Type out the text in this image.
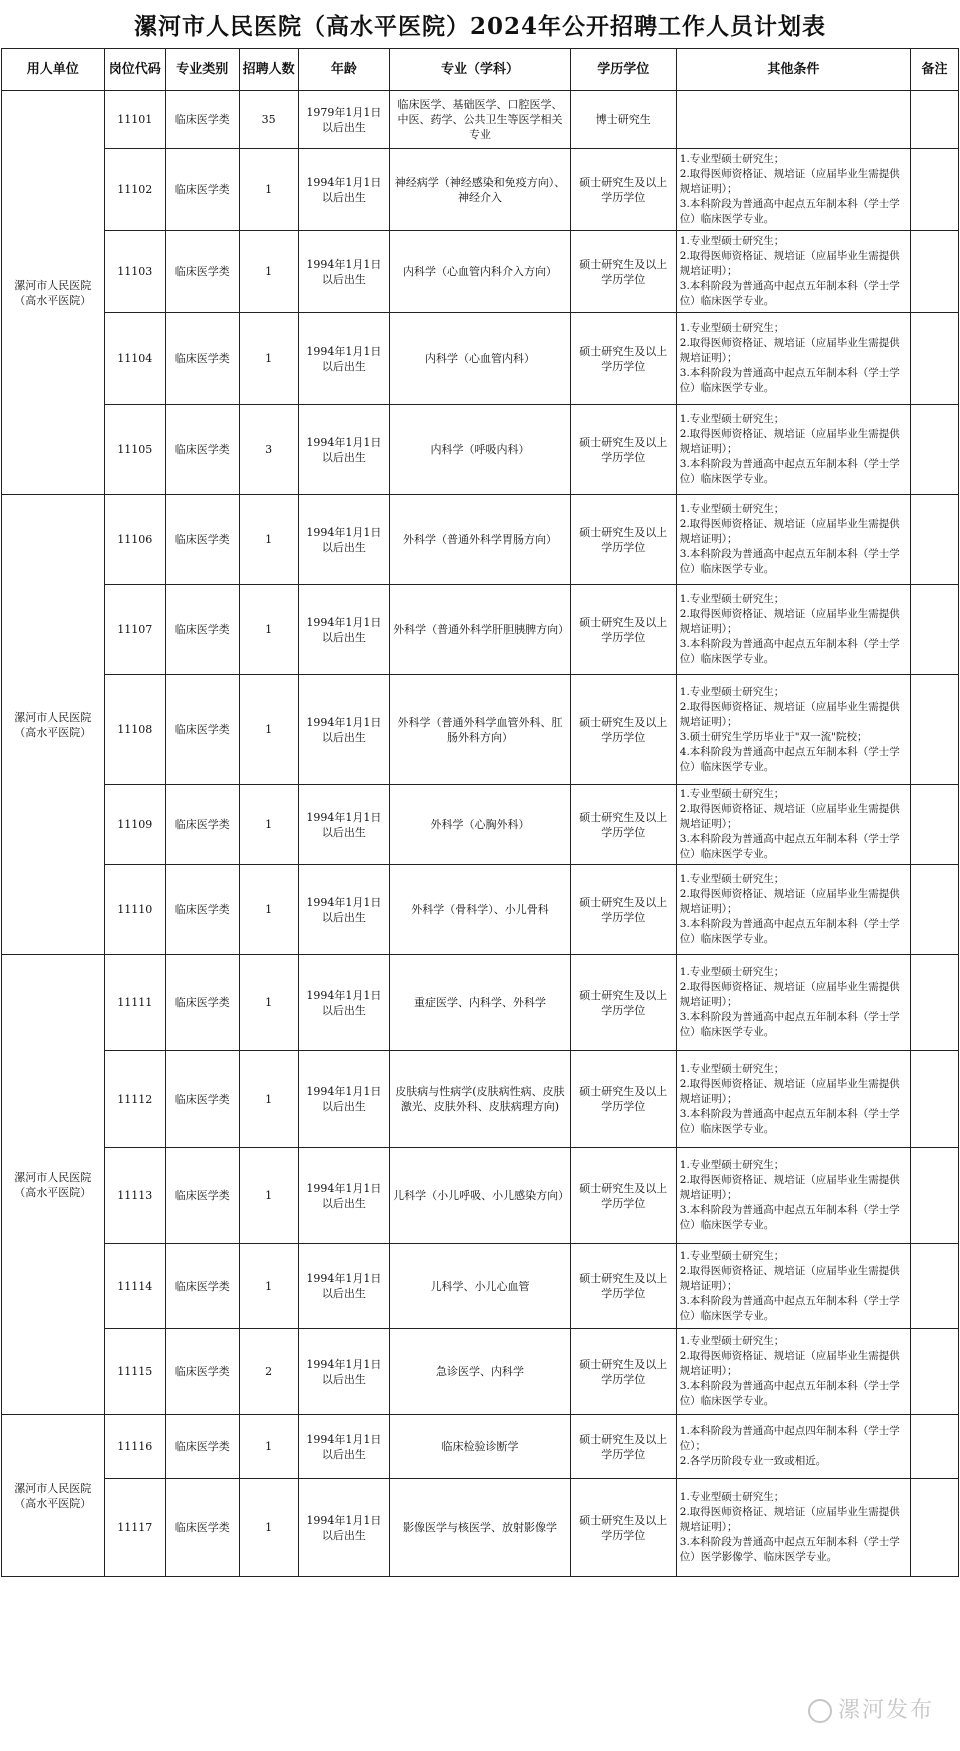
漯河市人民医院（高水平医院）2024年公开招聘工作人员计划表
用人单位	岗位代码	专业类别	招聘人数	年龄	专业（学科）	学历学位	其他条件	备注
漯河市人民医院（高水平医院）	11101	临床医学类	35	1979年1月1日以后出生	临床医学、基础医学、口腔医学、中医、药学、公共卫生等医学相关专业	博士研究生		
	11102	临床医学类	1	1994年1月1日以后出生	神经病学（神经感染和免疫方向）、神经介入	硕士研究生及以上学历学位	1.专业型硕士研究生；
2.取得医师资格证、规培证（应届毕业生需提供规培证明）；
3.本科阶段为普通高中起点五年制本科（学士学位）临床医学专业。	

	11103	临床医学类	1	1994年1月1日以后出生	内科学（心血管内科介入方向）	硕士研究生及以上学历学位	1.专业型硕士研究生；
2.取得医师资格证、规培证（应届毕业生需提供规培证明）；
3.本科阶段为普通高中起点五年制本科（学士学位）临床医学专业。	

	11104	临床医学类	1	1994年1月1日以后出生	内科学（心血管内科）	硕士研究生及以上学历学位	1.专业型硕士研究生；
2.取得医师资格证、规培证（应届毕业生需提供规培证明）；
3.本科阶段为普通高中起点五年制本科（学士学位）临床医学专业。	

	11105	临床医学类	3	1994年1月1日以后出生	内科学（呼吸内科）	硕士研究生及以上学历学位	1.专业型硕士研究生；
2.取得医师资格证、规培证（应届毕业生需提供规培证明）；
3.本科阶段为普通高中起点五年制本科（学士学位）临床医学专业。	

漯河市人民医院（高水平医院）	11106	临床医学类	1	1994年1月1日以后出生	外科学（普通外科学胃肠方向）	硕士研究生及以上学历学位	1.专业型硕士研究生；
2.取得医师资格证、规培证（应届毕业生需提供规培证明）；
3.本科阶段为普通高中起点五年制本科（学士学位）临床医学专业。	

	11107	临床医学类	1	1994年1月1日以后出生	外科学（普通外科学肝胆胰脾方向）	硕士研究生及以上学历学位	1.专业型硕士研究生；
2.取得医师资格证、规培证（应届毕业生需提供规培证明）；
3.本科阶段为普通高中起点五年制本科（学士学位）临床医学专业。	

	11108	临床医学类	1	1994年1月1日以后出生	外科学（普通外科学血管外科、肛肠外科方向）	硕士研究生及以上学历学位	1.专业型硕士研究生；
2.取得医师资格证、规培证（应届毕业生需提供规培证明）；
3.硕士研究生学历毕业于"双一流"院校；
4.本科阶段为普通高中起点五年制本科（学士学位）临床医学专业。	

	11109	临床医学类	1	1994年1月1日以后出生	外科学（心胸外科）	硕士研究生及以上学历学位	1.专业型硕士研究生；
2.取得医师资格证、规培证（应届毕业生需提供规培证明）；
3.本科阶段为普通高中起点五年制本科（学士学位）临床医学专业。	

	11110	临床医学类	1	1994年1月1日以后出生	外科学（骨科学）、小儿骨科	硕士研究生及以上学历学位	1.专业型硕士研究生；
2.取得医师资格证、规培证（应届毕业生需提供规培证明）；
3.本科阶段为普通高中起点五年制本科（学士学位）临床医学专业。	

漯河市人民医院（高水平医院）	11111	临床医学类	1	1994年1月1日以后出生	重症医学、内科学、外科学	硕士研究生及以上学历学位	1.专业型硕士研究生；
2.取得医师资格证、规培证（应届毕业生需提供规培证明）；
3.本科阶段为普通高中起点五年制本科（学士学位）临床医学专业。	

	11112	临床医学类	1	1994年1月1日以后出生	皮肤病与性病学(皮肤病性病、皮肤激光、皮肤外科、皮肤病理方向)	硕士研究生及以上学历学位	1.专业型硕士研究生；
2.取得医师资格证、规培证（应届毕业生需提供规培证明）；
3.本科阶段为普通高中起点五年制本科（学士学位）临床医学专业。	

	11113	临床医学类	1	1994年1月1日以后出生	儿科学（小儿呼吸、小儿感染方向）	硕士研究生及以上学历学位	1.专业型硕士研究生；
2.取得医师资格证、规培证（应届毕业生需提供规培证明）；
3.本科阶段为普通高中起点五年制本科（学士学位）临床医学专业。	

	11114	临床医学类	1	1994年1月1日以后出生	儿科学、小儿心血管	硕士研究生及以上学历学位	1.专业型硕士研究生；
2.取得医师资格证、规培证（应届毕业生需提供规培证明）；
3.本科阶段为普通高中起点五年制本科（学士学位）临床医学专业。	

	11115	临床医学类	2	1994年1月1日以后出生	急诊医学、内科学	硕士研究生及以上学历学位	1.专业型硕士研究生；
2.取得医师资格证、规培证（应届毕业生需提供规培证明）；
3.本科阶段为普通高中起点五年制本科（学士学位）临床医学专业。	

漯河市人民医院（高水平医院）	11116	临床医学类	1	1994年1月1日以后出生	临床检验诊断学	硕士研究生及以上学历学位	1.本科阶段为普通高中起点四年制本科（学士学位）；
2.各学历阶段专业一致或相近。	

	11117	临床医学类	1	1994年1月1日以后出生	影像医学与核医学、放射影像学	硕士研究生及以上学历学位	1.专业型硕士研究生；
2.取得医师资格证、规培证（应届毕业生需提供规培证明）；
3.本科阶段为普通高中起点五年制本科（学士学位）医学影像学、临床医学专业。	

漯河发布
